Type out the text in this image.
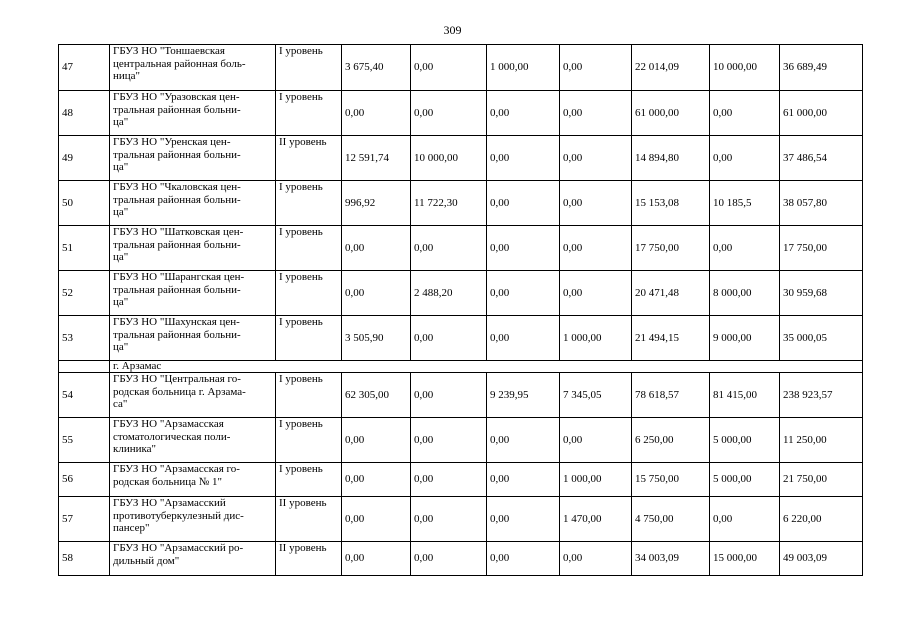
309
47	ГБУЗ НО "Тоншаевская
центральная районная боль-
ница"	I уровень	3 675,40	0,00	1 000,00	0,00	22 014,09	10 000,00	36 689,49
48	ГБУЗ НО "Уразовская цен-
тральная районная больни-
ца"	I уровень	0,00	0,00	0,00	0,00	61 000,00	0,00	61 000,00
49	ГБУЗ НО "Уренская цен-
тральная районная больни-
ца"	II уровень	12 591,74	10 000,00	0,00	0,00	14 894,80	0,00	37 486,54
50	ГБУЗ НО "Чкаловская цен-
тральная районная больни-
ца"	I уровень	996,92	11 722,30	0,00	0,00	15 153,08	10 185,5	38 057,80
51	ГБУЗ НО "Шатковская цен-
тральная районная больни-
ца"	I уровень	0,00	0,00	0,00	0,00	17 750,00	0,00	17 750,00
52	ГБУЗ НО "Шарангская цен-
тральная районная больни-
ца"	I уровень	0,00	2 488,20	0,00	0,00	20 471,48	8 000,00	30 959,68
53	ГБУЗ НО "Шахунская цен-
тральная районная больни-
ца"	I уровень	3 505,90	0,00	0,00	1 000,00	21 494,15	9 000,00	35 000,05
	г. Арзамас								
54	ГБУЗ НО "Центральная го-
родская больница г. Арзама-
са"	I уровень	62 305,00	0,00	9 239,95	7 345,05	78 618,57	81 415,00	238 923,57
55	ГБУЗ НО "Арзамасская
стоматологическая поли-
клиника"	I уровень	0,00	0,00	0,00	0,00	6 250,00	5 000,00	11 250,00
56	ГБУЗ НО "Арзамасская го-
родская больница № 1"	I уровень	0,00	0,00	0,00	1 000,00	15 750,00	5 000,00	21 750,00
57	ГБУЗ НО "Арзамасский
противотуберкулезный дис-
пансер"	II уровень	0,00	0,00	0,00	1 470,00	4 750,00	0,00	6 220,00
58	ГБУЗ НО "Арзамасский ро-
дильный дом"	II уровень	0,00	0,00	0,00	0,00	34 003,09	15 000,00	49 003,09
